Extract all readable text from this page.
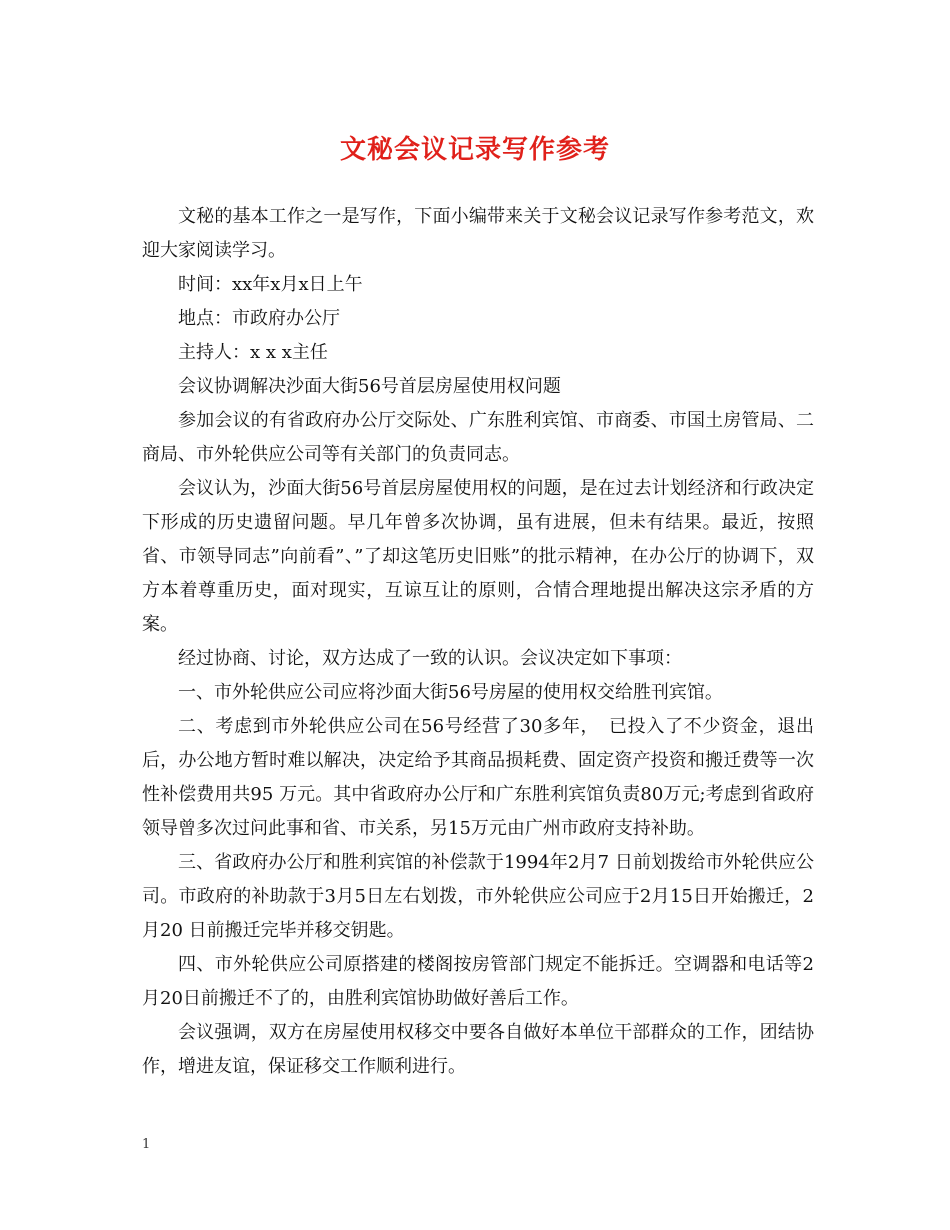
文秘会议记录写作参考

文秘的基本工作之一是写作，下面小编带来关于文秘会议记录写作参考范文，欢迎大家阅读学习。

时间：xx年x月x日上午

地点：市政府办公厅

主持人：x x x主任

会议协调解决沙面大街56号首层房屋使用权问题

参加会议的有省政府办公厅交际处、广东胜利宾馆、市商委、市国土房管局、二商局、市外轮供应公司等有关部门的负责同志。

会议认为，沙面大街56号首层房屋使用权的问题，是在过去计划经济和行政决定下形成的历史遗留问题。早几年曾多次协调，虽有进展，但未有结果。最近，按照省、市领导同志”向前看”、”了却这笔历史旧账”的批示精神，在办公厅的协调下，双方本着尊重历史，面对现实，互谅互让的原则，合情合理地提出解决这宗矛盾的方案。

经过协商、讨论，双方达成了一致的认识。会议决定如下事项：

一、市外轮供应公司应将沙面大街56号房屋的使用权交给胜刊宾馆。

二、考虑到市外轮供应公司在56号经营了30多年，　已投入了不少资金，退出后，办公地方暂时难以解决，决定给予其商品损耗费、固定资产投资和搬迁费等一次性补偿费用共95 万元。其中省政府办公厅和广东胜利宾馆负责80万元;考虑到省政府领导曾多次过问此事和省、市关系，另15万元由广州市政府支持补助。

三、省政府办公厅和胜利宾馆的补偿款于1994年2月7 日前划拨给市外轮供应公司。市政府的补助款于3月5日左右划拨，市外轮供应公司应于2月15日开始搬迁，2月20 日前搬迁完毕并移交钥匙。

四、市外轮供应公司原搭建的楼阁按房管部门规定不能拆迁。空调器和电话等2月20日前搬迁不了的，由胜利宾馆协助做好善后工作。

会议强调，双方在房屋使用权移交中要各自做好本单位干部群众的工作，团结协作，增进友谊，保证移交工作顺利进行。

1
